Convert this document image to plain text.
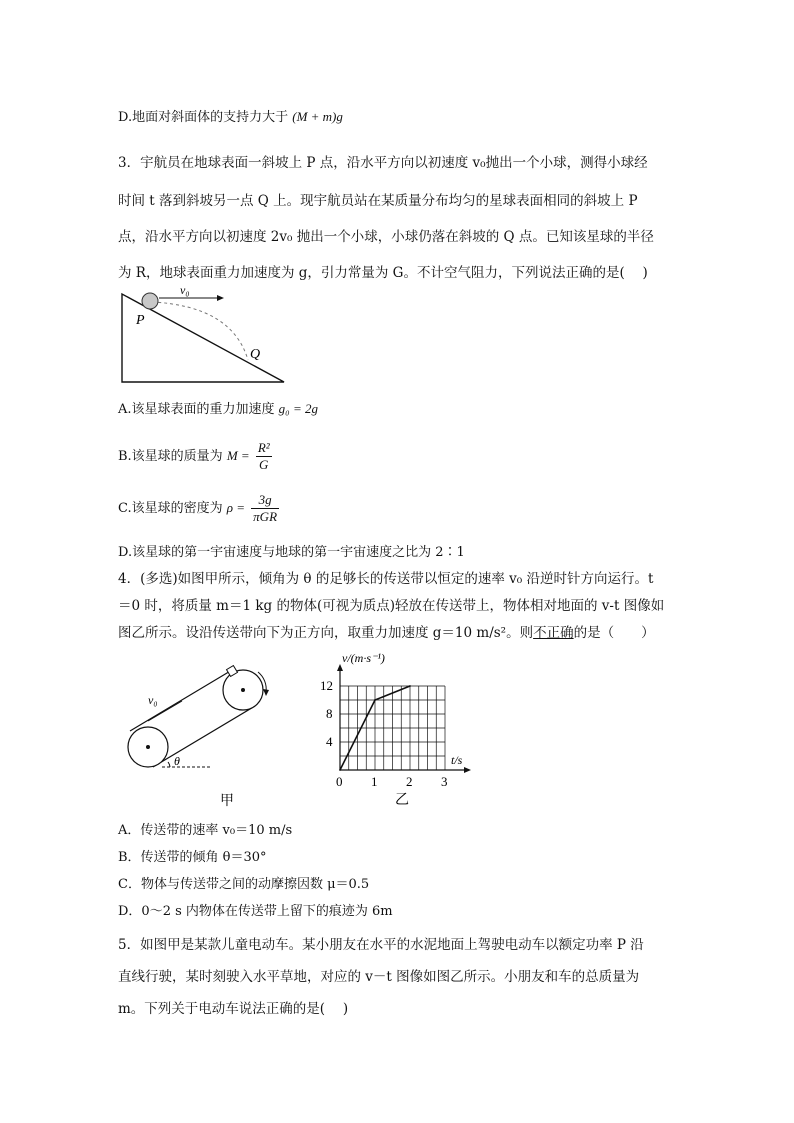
D.地面对斜面体的支持力大于 (M + m)g
3．宇航员在地球表面一斜坡上 P 点，沿水平方向以初速度 v₀抛出一个小球，测得小球经
时间 t 落到斜坡另一点 Q 上。现宇航员站在某质量分布均匀的星球表面相同的斜坡上 P
点，沿水平方向以初速度 2v₀ 抛出一个小球，小球仍落在斜坡的 Q 点。已知该星球的半径
为 R，地球表面重力加速度为 g，引力常量为 G。不计空气阻力，下列说法正确的是(　 )
v₀
P
Q
A.该星球表面的重力加速度 g₀ = 2g
B.该星球的质量为 $M = \frac{\text{R²}}{G}$
C.该星球的密度为 $\rho = \frac{3g}{\text{πGR}}$
D.该星球的第一宇宙速度与地球的第一宇宙速度之比为 2∶1
4．(多选)如图甲所示，倾角为 θ 的足够长的传送带以恒定的速率 v₀ 沿逆时针方向运行。t
＝0 时，将质量 m＝1 kg 的物体(可视为质点)轻放在传送带上，物体相对地面的 v-t 图像如
图乙所示。设沿传送带向下为正方向，取重力加速度 g＝10 m/s²。则不正确的是（　　）
v₀
θ
甲
0 1 2 3
4
8
12
v/(m·s⁻¹)
t/s
乙
A．传送带的速率 v₀＝10 m/s
B．传送带的倾角 θ＝30°
C．物体与传送带之间的动摩擦因数 μ＝0.5
D．0～2 s 内物体在传送带上留下的痕迹为 6m
5．如图甲是某款儿童电动车。某小朋友在水平的水泥地面上驾驶电动车以额定功率 P 沿
直线行驶，某时刻驶入水平草地，对应的 v－t 图像如图乙所示。小朋友和车的总质量为
m。下列关于电动车说法正确的是(　 )
